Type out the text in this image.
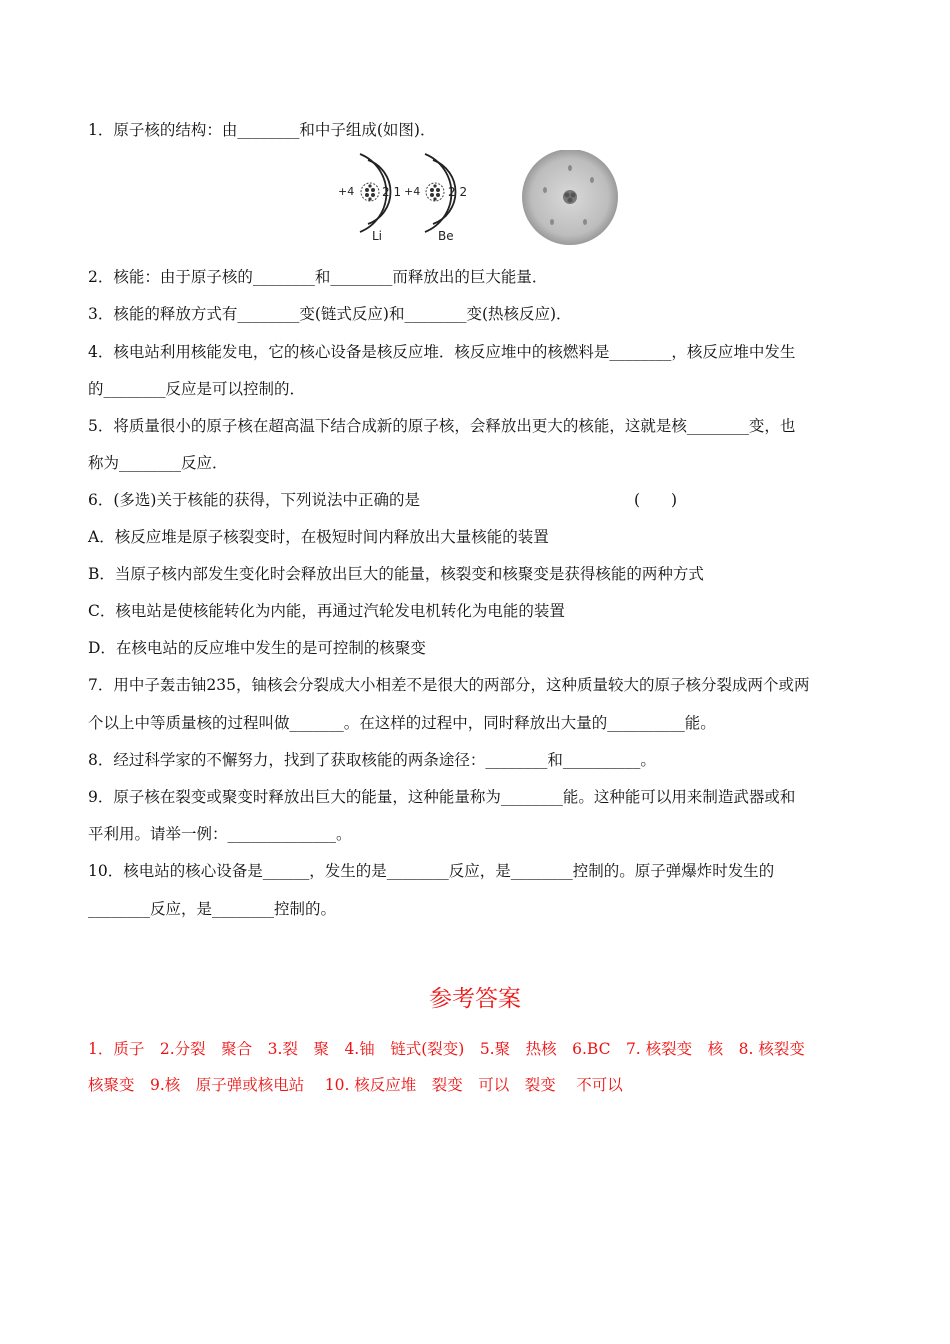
1．原子核的结构：由________和中子组成(如图)．
+4 2 1
Li
+4 2 2
Be
2．核能：由于原子核的________和________而释放出的巨大能量．
3．核能的释放方式有________变(链式反应)和________变(热核反应)．
4．核电站利用核能发电，它的核心设备是核反应堆．核反应堆中的核燃料是________，核反应堆中发生
的________反应是可以控制的．
5．将质量很小的原子核在超高温下结合成新的原子核，会释放出更大的核能，这就是核________变，也
称为________反应．
6．(多选)关于核能的获得，下列说法中正确的是	(　　)
A．核反应堆是原子核裂变时，在极短时间内释放出大量核能的装置
B．当原子核内部发生变化时会释放出巨大的能量，核裂变和核聚变是获得核能的两种方式
C．核电站是使核能转化为内能，再通过汽轮发电机转化为电能的装置
D．在核电站的反应堆中发生的是可控制的核聚变
7．用中子轰击铀235，铀核会分裂成大小相差不是很大的两部分，这种质量较大的原子核分裂成两个或两
个以上中等质量核的过程叫做_______。在这样的过程中，同时释放出大量的__________能。
8．经过科学家的不懈努力，找到了获取核能的两条途径：________和__________。
9．原子核在裂变或聚变时释放出巨大的能量，这种能量称为________能。这种能可以用来制造武器或和
平利用。请举一例：______________。
10．核电站的核心设备是______，发生的是________反应，是________控制的。原子弹爆炸时发生的
________反应，是________控制的。
参考答案
1．质子　2.分裂　聚合　3.裂　聚　4.铀　链式(裂变)　5.聚　热核　6.BC　7. 核裂变　核　8. 核裂变
核聚变　9.核　原子弹或核电站　 10. 核反应堆　裂变　可以　裂变　 不可以
